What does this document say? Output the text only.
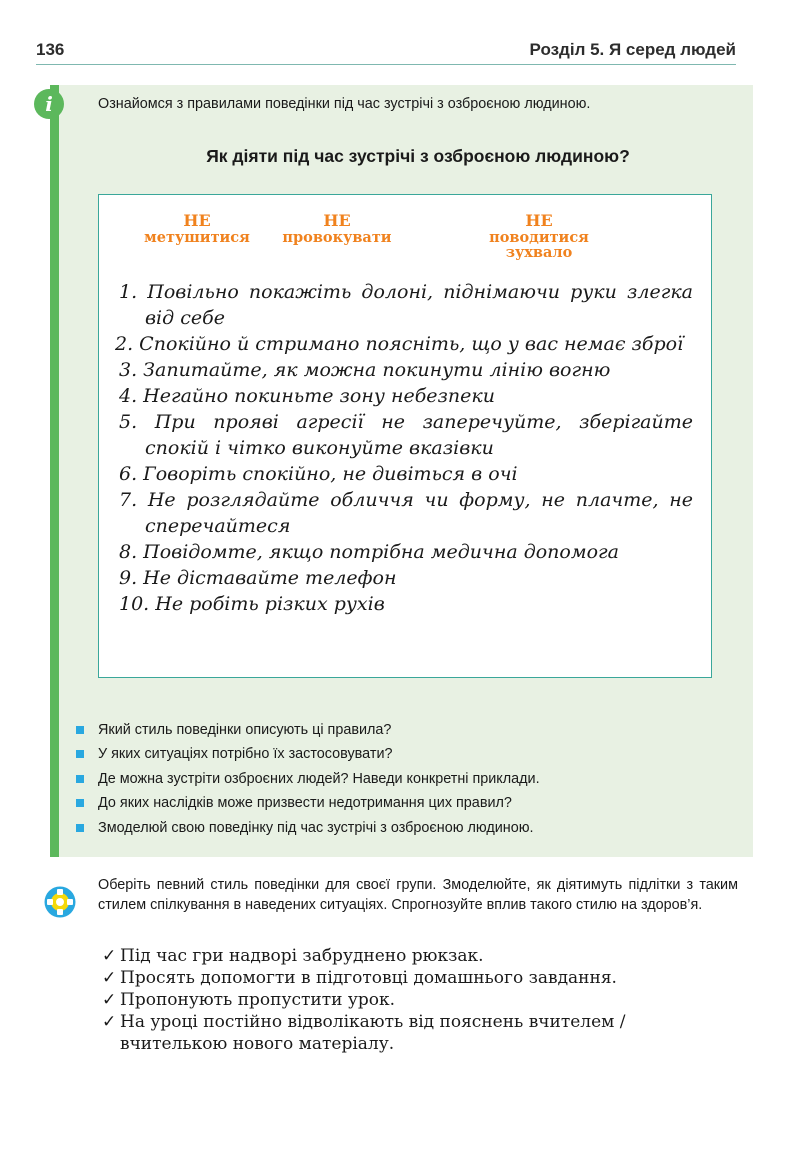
136	Розділ 5. Я серед людей
i	Ознайомся з правилами поведінки під час зустрічі з озброєною людиною.
Як діяти під час зустрічі з озброєною людиною?
НЕ
метушитися
НЕ
провокувати
НЕ
поводитися зухвало
1. Повільно покажіть долоні, піднімаючи руки злегка від себе
2. Спокійно й стримано поясніть, що у вас немає зброї
3. Запитайте, як можна покинути лінію вогню
4. Негайно покиньте зону небезпеки
5. При прояві агресії не заперечуйте, зберігайте спокій і чітко виконуйте вказівки
6. Говоріть спокійно, не дивіться в очі
7. Не розглядайте обличчя чи форму, не плачте, не сперечайтеся
8. Повідомте, якщо потрібна медична допомога
9. Не діставайте телефон
10. Не робіть різких рухів
Який стиль поведінки описують ці правила?
У яких ситуаціях потрібно їх застосовувати?
Де можна зустріти озброєних людей? Наведи конкретні приклади.
До яких наслідків може призвести недотримання цих правил?
Змоделюй свою поведінку під час зустрічі з озброєною людиною.
Оберіть певний стиль поведінки для своєї групи. Змоделюйте, як діятимуть підлітки з таким стилем спілкування в наведених ситуаціях. Спрогнозуйте вплив такого стилю на здоров’я.
✓ Під час гри надворі забруднено рюкзак.
✓ Просять допомогти в підготовці домашнього завдання.
✓ Пропонують пропустити урок.
✓ На уроці постійно відволікають від пояснень вчителем /
вчителькою нового матеріалу.
